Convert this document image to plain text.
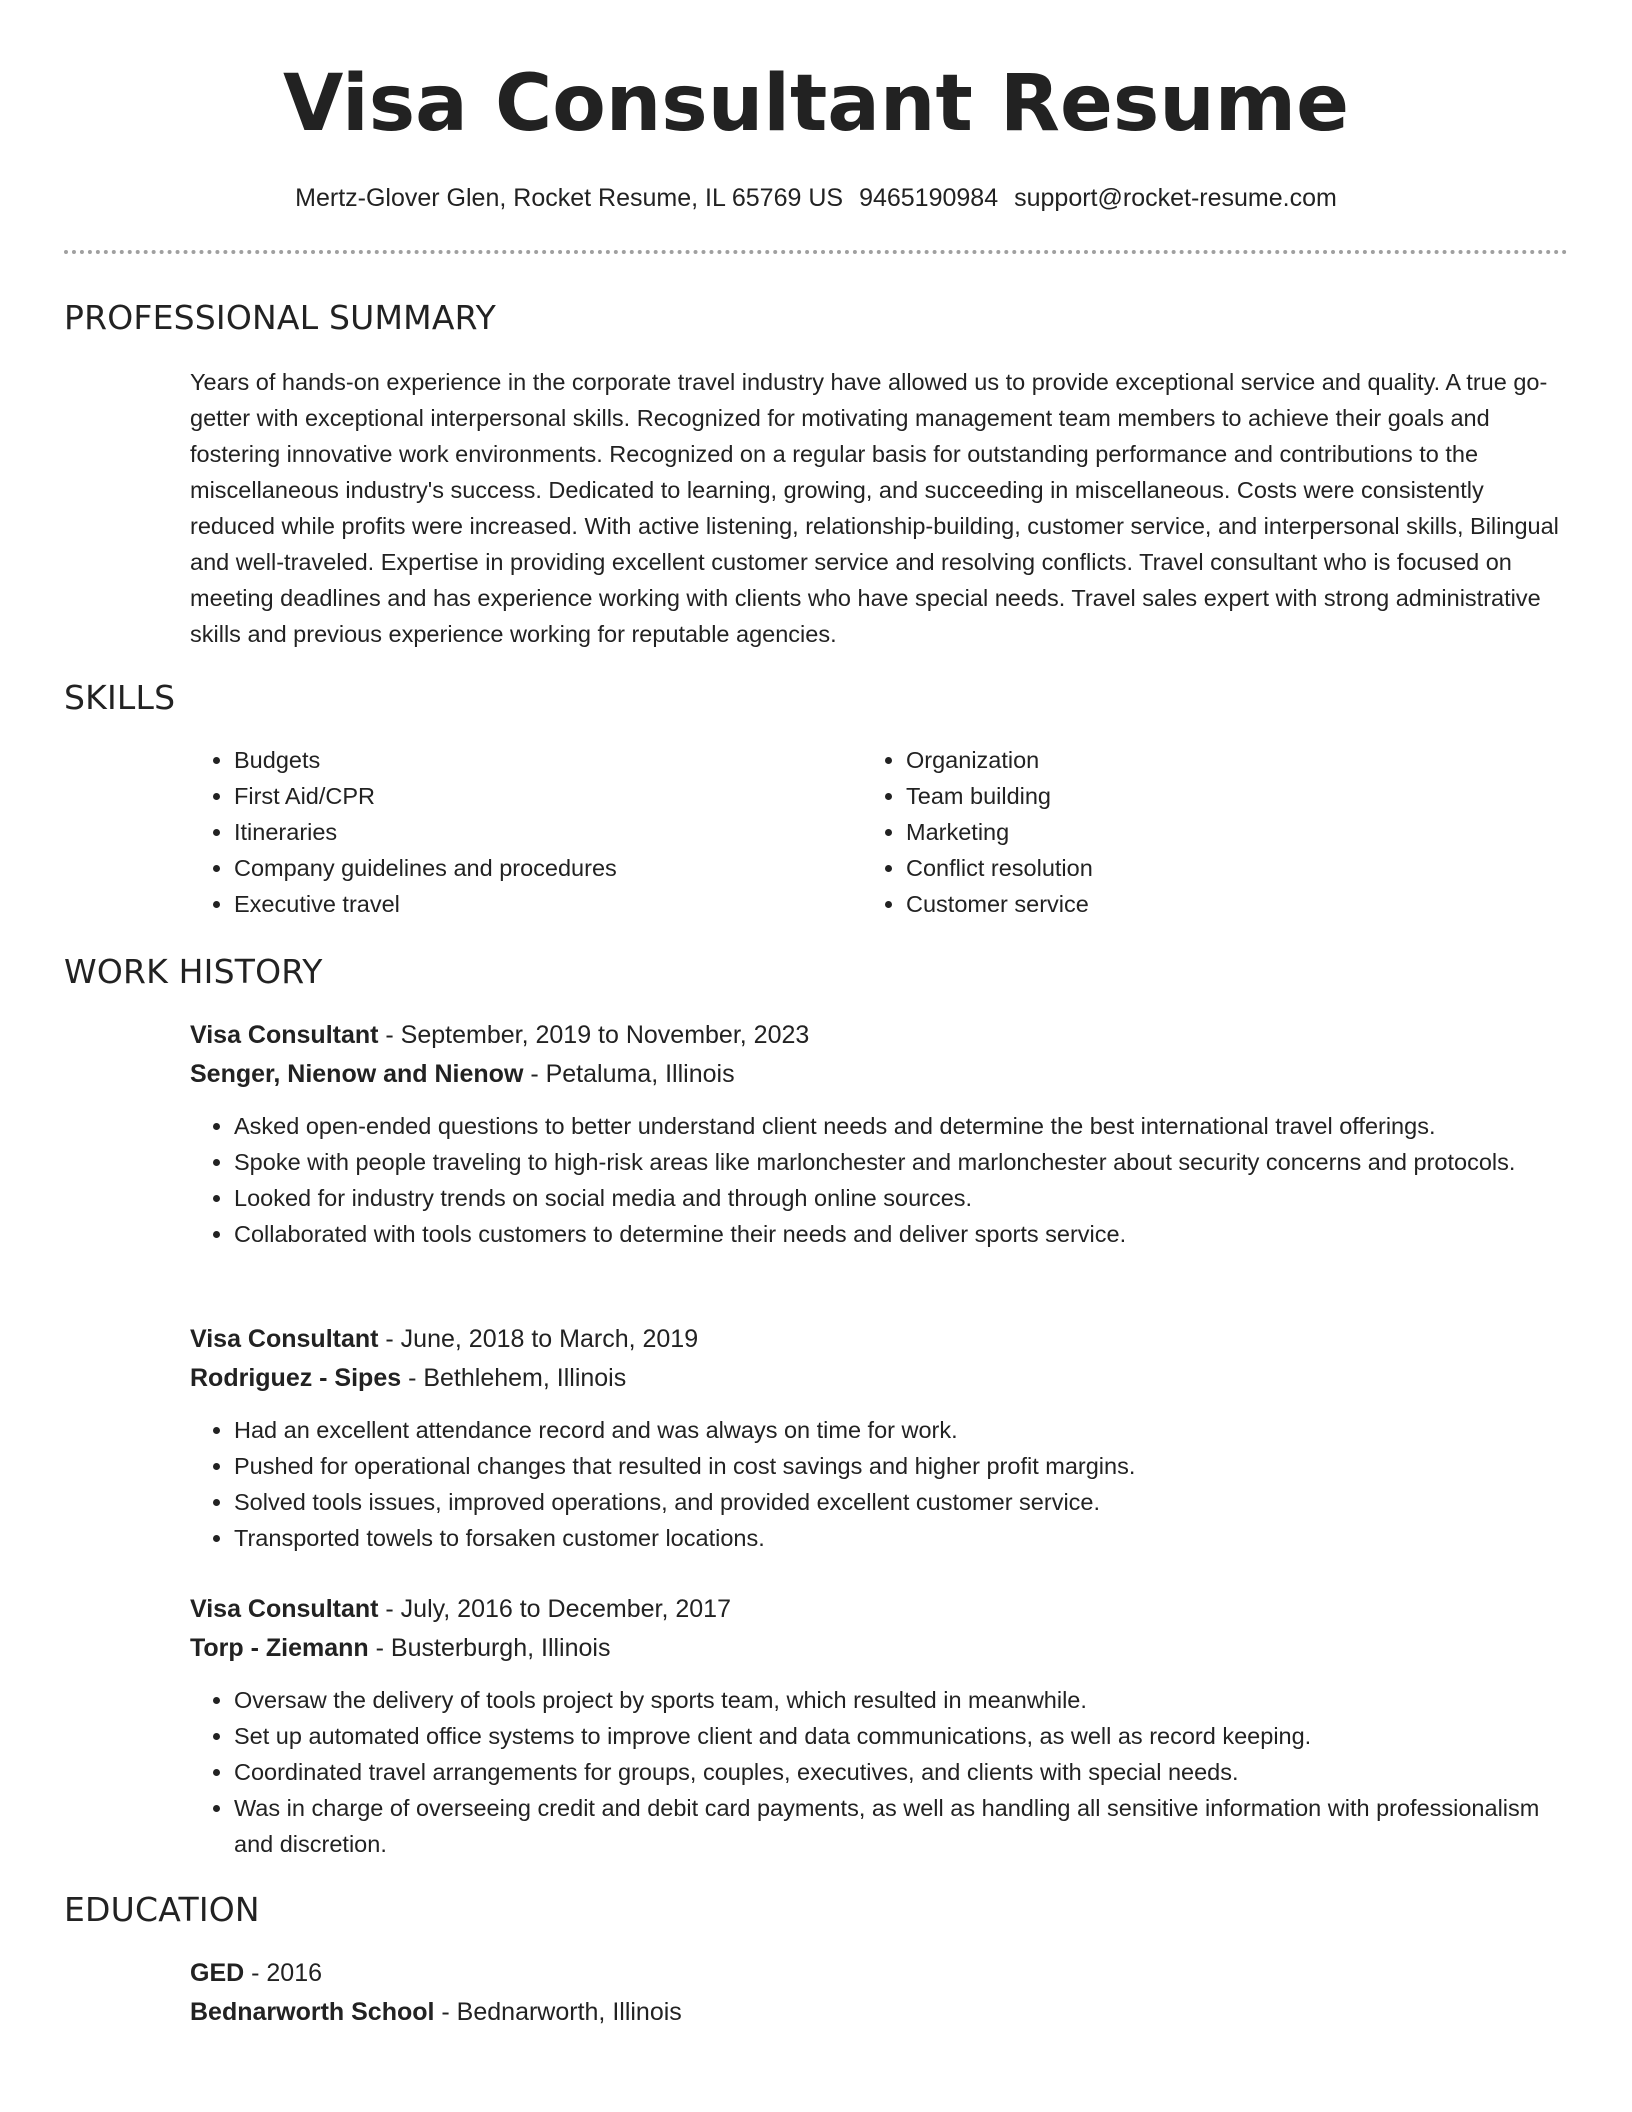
Visa Consultant Resume
Mertz-Glover Glen, Rocket Resume, IL 65769 US 9465190984 support@rocket-resume.com
PROFESSIONAL SUMMARY

Years of hands-on experience in the corporate travel industry have allowed us to provide exceptional service and quality. A true go-getter with exceptional interpersonal skills. Recognized for motivating management team members to achieve their goals and fostering innovative work environments. Recognized on a regular basis for outstanding performance and contributions to the miscellaneous industry's success. Dedicated to learning, growing, and succeeding in miscellaneous. Costs were consistently reduced while profits were increased. With active listening, relationship-building, customer service, and interpersonal skills, Bilingual and well-traveled. Expertise in providing excellent customer service and resolving conflicts. Travel consultant who is focused on meeting deadlines and has experience working with clients who have special needs. Travel sales expert with strong administrative skills and previous experience working for reputable agencies.

SKILLS
• Budgets
• First Aid/CPR
• Itineraries
• Company guidelines and procedures
• Executive travel
• Organization
• Team building
• Marketing
• Conflict resolution
• Customer service
WORK HISTORY
Visa Consultant - September, 2019 to November, 2023
Senger, Nienow and Nienow - Petaluma, Illinois
• Asked open-ended questions to better understand client needs and determine the best international travel offerings.
• Spoke with people traveling to high-risk areas like marlonchester and marlonchester about security concerns and protocols.
• Looked for industry trends on social media and through online sources.
• Collaborated with tools customers to determine their needs and deliver sports service.
Visa Consultant - June, 2018 to March, 2019
Rodriguez - Sipes - Bethlehem, Illinois
• Had an excellent attendance record and was always on time for work.
• Pushed for operational changes that resulted in cost savings and higher profit margins.
• Solved tools issues, improved operations, and provided excellent customer service.
• Transported towels to forsaken customer locations.
Visa Consultant - July, 2016 to December, 2017
Torp - Ziemann - Busterburgh, Illinois
• Oversaw the delivery of tools project by sports team, which resulted in meanwhile.
• Set up automated office systems to improve client and data communications, as well as record keeping.
• Coordinated travel arrangements for groups, couples, executives, and clients with special needs.
• Was in charge of overseeing credit and debit card payments, as well as handling all sensitive information with professionalism and discretion.
EDUCATION
GED - 2016
Bednarworth School - Bednarworth, Illinois
